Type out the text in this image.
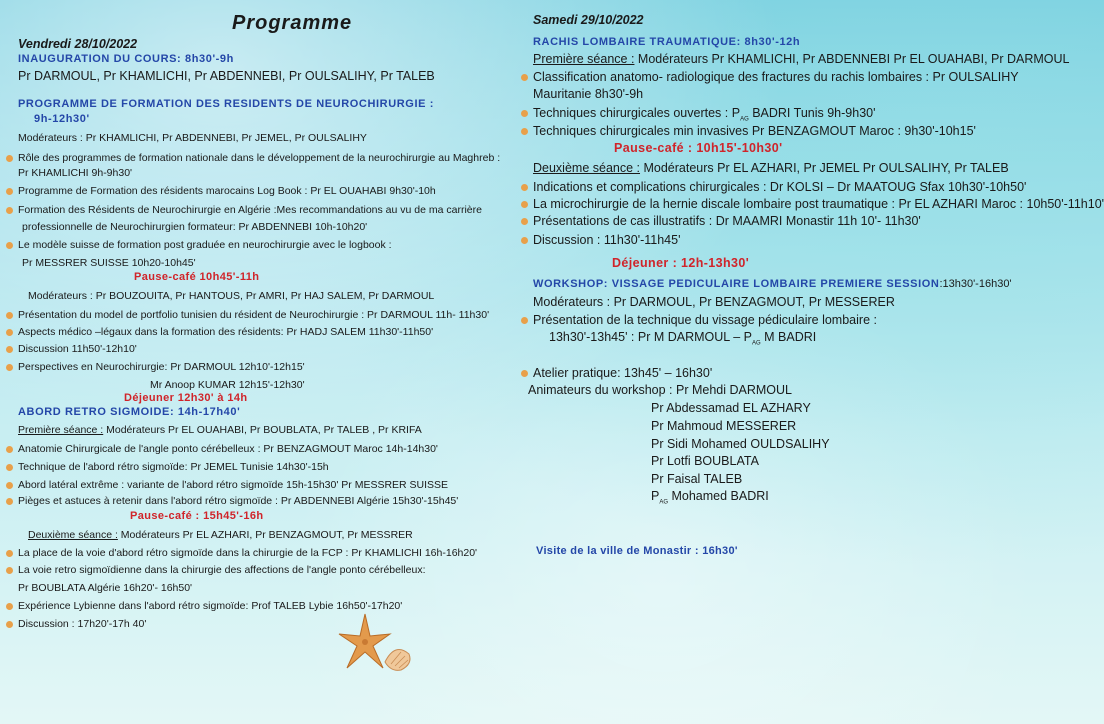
Programme
Vendredi 28/10/2022
INAUGURATION DU COURS: 8h30'-9h
Pr DARMOUL, Pr KHAMLICHI, Pr ABDENNEBI, Pr OULSALIHY, Pr TALEB
PROGRAMME DE FORMATION DES RESIDENTS DE NEUROCHIRURGIE :
9h-12h30'
Modérateurs : Pr KHAMLICHI, Pr ABDENNEBI, Pr JEMEL, Pr OULSALIHY
Rôle des programmes de formation nationale dans le développement de la neurochirurgie au Maghreb :
Pr KHAMLICHI 9h-9h30'
Programme de Formation des résidents marocains Log Book : Pr EL OUAHABI 9h30'-10h
Formation des Résidents de Neurochirurgie en Algérie :Mes recommandations au vu de ma carrière
professionnelle de Neurochirurgien formateur: Pr ABDENNEBI 10h-10h20'
Le modèle suisse de formation post graduée en neurochirurgie avec le logbook :
Pr MESSRER SUISSE 10h20-10h45'
Pause-café 10h45'-11h
Modérateurs : Pr BOUZOUITA, Pr HANTOUS, Pr AMRI, Pr HAJ SALEM, Pr DARMOUL
Présentation du model de portfolio tunisien du résident de Neurochirurgie : Pr DARMOUL 11h- 11h30'
Aspects médico –légaux dans la formation des résidents: Pr HADJ SALEM 11h30'-11h50'
Discussion 11h50'-12h10'
Perspectives en Neurochirurgie: Pr DARMOUL 12h10'-12h15'
Mr Anoop KUMAR 12h15'-12h30'
Déjeuner 12h30' à 14h
ABORD RETRO SIGMOIDE: 14h-17h40'
Première séance : Modérateurs Pr EL OUAHABI, Pr BOUBLATA, Pr TALEB , Pr KRIFA
Anatomie Chirurgicale de l'angle ponto cérébelleux : Pr BENZAGMOUT Maroc 14h-14h30'
Technique de l'abord rétro sigmoïde: Pr JEMEL Tunisie 14h30'-15h
Abord latéral extrême : variante de l'abord rétro sigmoïde 15h-15h30' Pr MESSRER SUISSE
Pièges et astuces à retenir dans l'abord rétro sigmoïde : Pr ABDENNEBI Algérie 15h30'-15h45'
Pause-café : 15h45'-16h
Deuxième séance : Modérateurs Pr EL AZHARI, Pr BENZAGMOUT, Pr MESSRER
La place de la voie d'abord rétro sigmoïde dans la chirurgie de la FCP : Pr KHAMLICHI 16h-16h20'
La voie retro sigmoïdienne dans la chirurgie des affections de l'angle ponto cérébelleux:
Pr BOUBLATA Algérie 16h20'- 16h50'
Expérience Lybienne dans l'abord rétro sigmoïde: Prof TALEB Lybie 16h50'-17h20'
Discussion : 17h20'-17h 40'
Samedi 29/10/2022
RACHIS LOMBAIRE TRAUMATIQUE: 8h30'-12h
Première séance : Modérateurs Pr KHAMLICHI, Pr ABDENNEBI Pr EL OUAHABI, Pr DARMOUL
Classification anatomo- radiologique des fractures du rachis lombaires : Pr OULSALIHY
Mauritanie 8h30'-9h
Techniques chirurgicales ouvertes : $P_{AG}$ BADRI Tunis 9h-9h30'
Techniques chirurgicales min invasives Pr BENZAGMOUT Maroc : 9h30'-10h15'
Pause-café : 10h15'-10h30'
Deuxième séance : Modérateurs Pr EL AZHARI, Pr JEMEL Pr OULSALIHY, Pr TALEB
Indications et complications chirurgicales : Dr KOLSI – Dr MAATOUG Sfax 10h30'-10h50'
La microchirurgie de la hernie discale lombaire post traumatique : Pr EL AZHARI Maroc : 10h50'-11h10'
Présentations de cas illustratifs : Dr MAAMRI Monastir 11h 10'- 11h30'
Discussion : 11h30'-11h45'
Déjeuner : 12h-13h30'
WORKSHOP: VISSAGE PEDICULAIRE LOMBAIRE PREMIERE SESSION:13h30'-16h30'
Modérateurs : Pr DARMOUL, Pr BENZAGMOUT, Pr MESSERER
Présentation de la technique du vissage pédiculaire lombaire :
13h30'-13h45' : Pr M DARMOUL – $P_{AG}$ M BADRI
Atelier pratique: 13h45' – 16h30'
Animateurs du workshop : Pr Mehdi DARMOUL
Pr Abdessamad EL AZHARY
Pr Mahmoud MESSERER
Pr Sidi Mohamed OULDSALIHY
Pr Lotfi BOUBLATA
Pr Faisal TALEB
$P_{AG}$ Mohamed BADRI
Visite de la ville de Monastir : 16h30'
